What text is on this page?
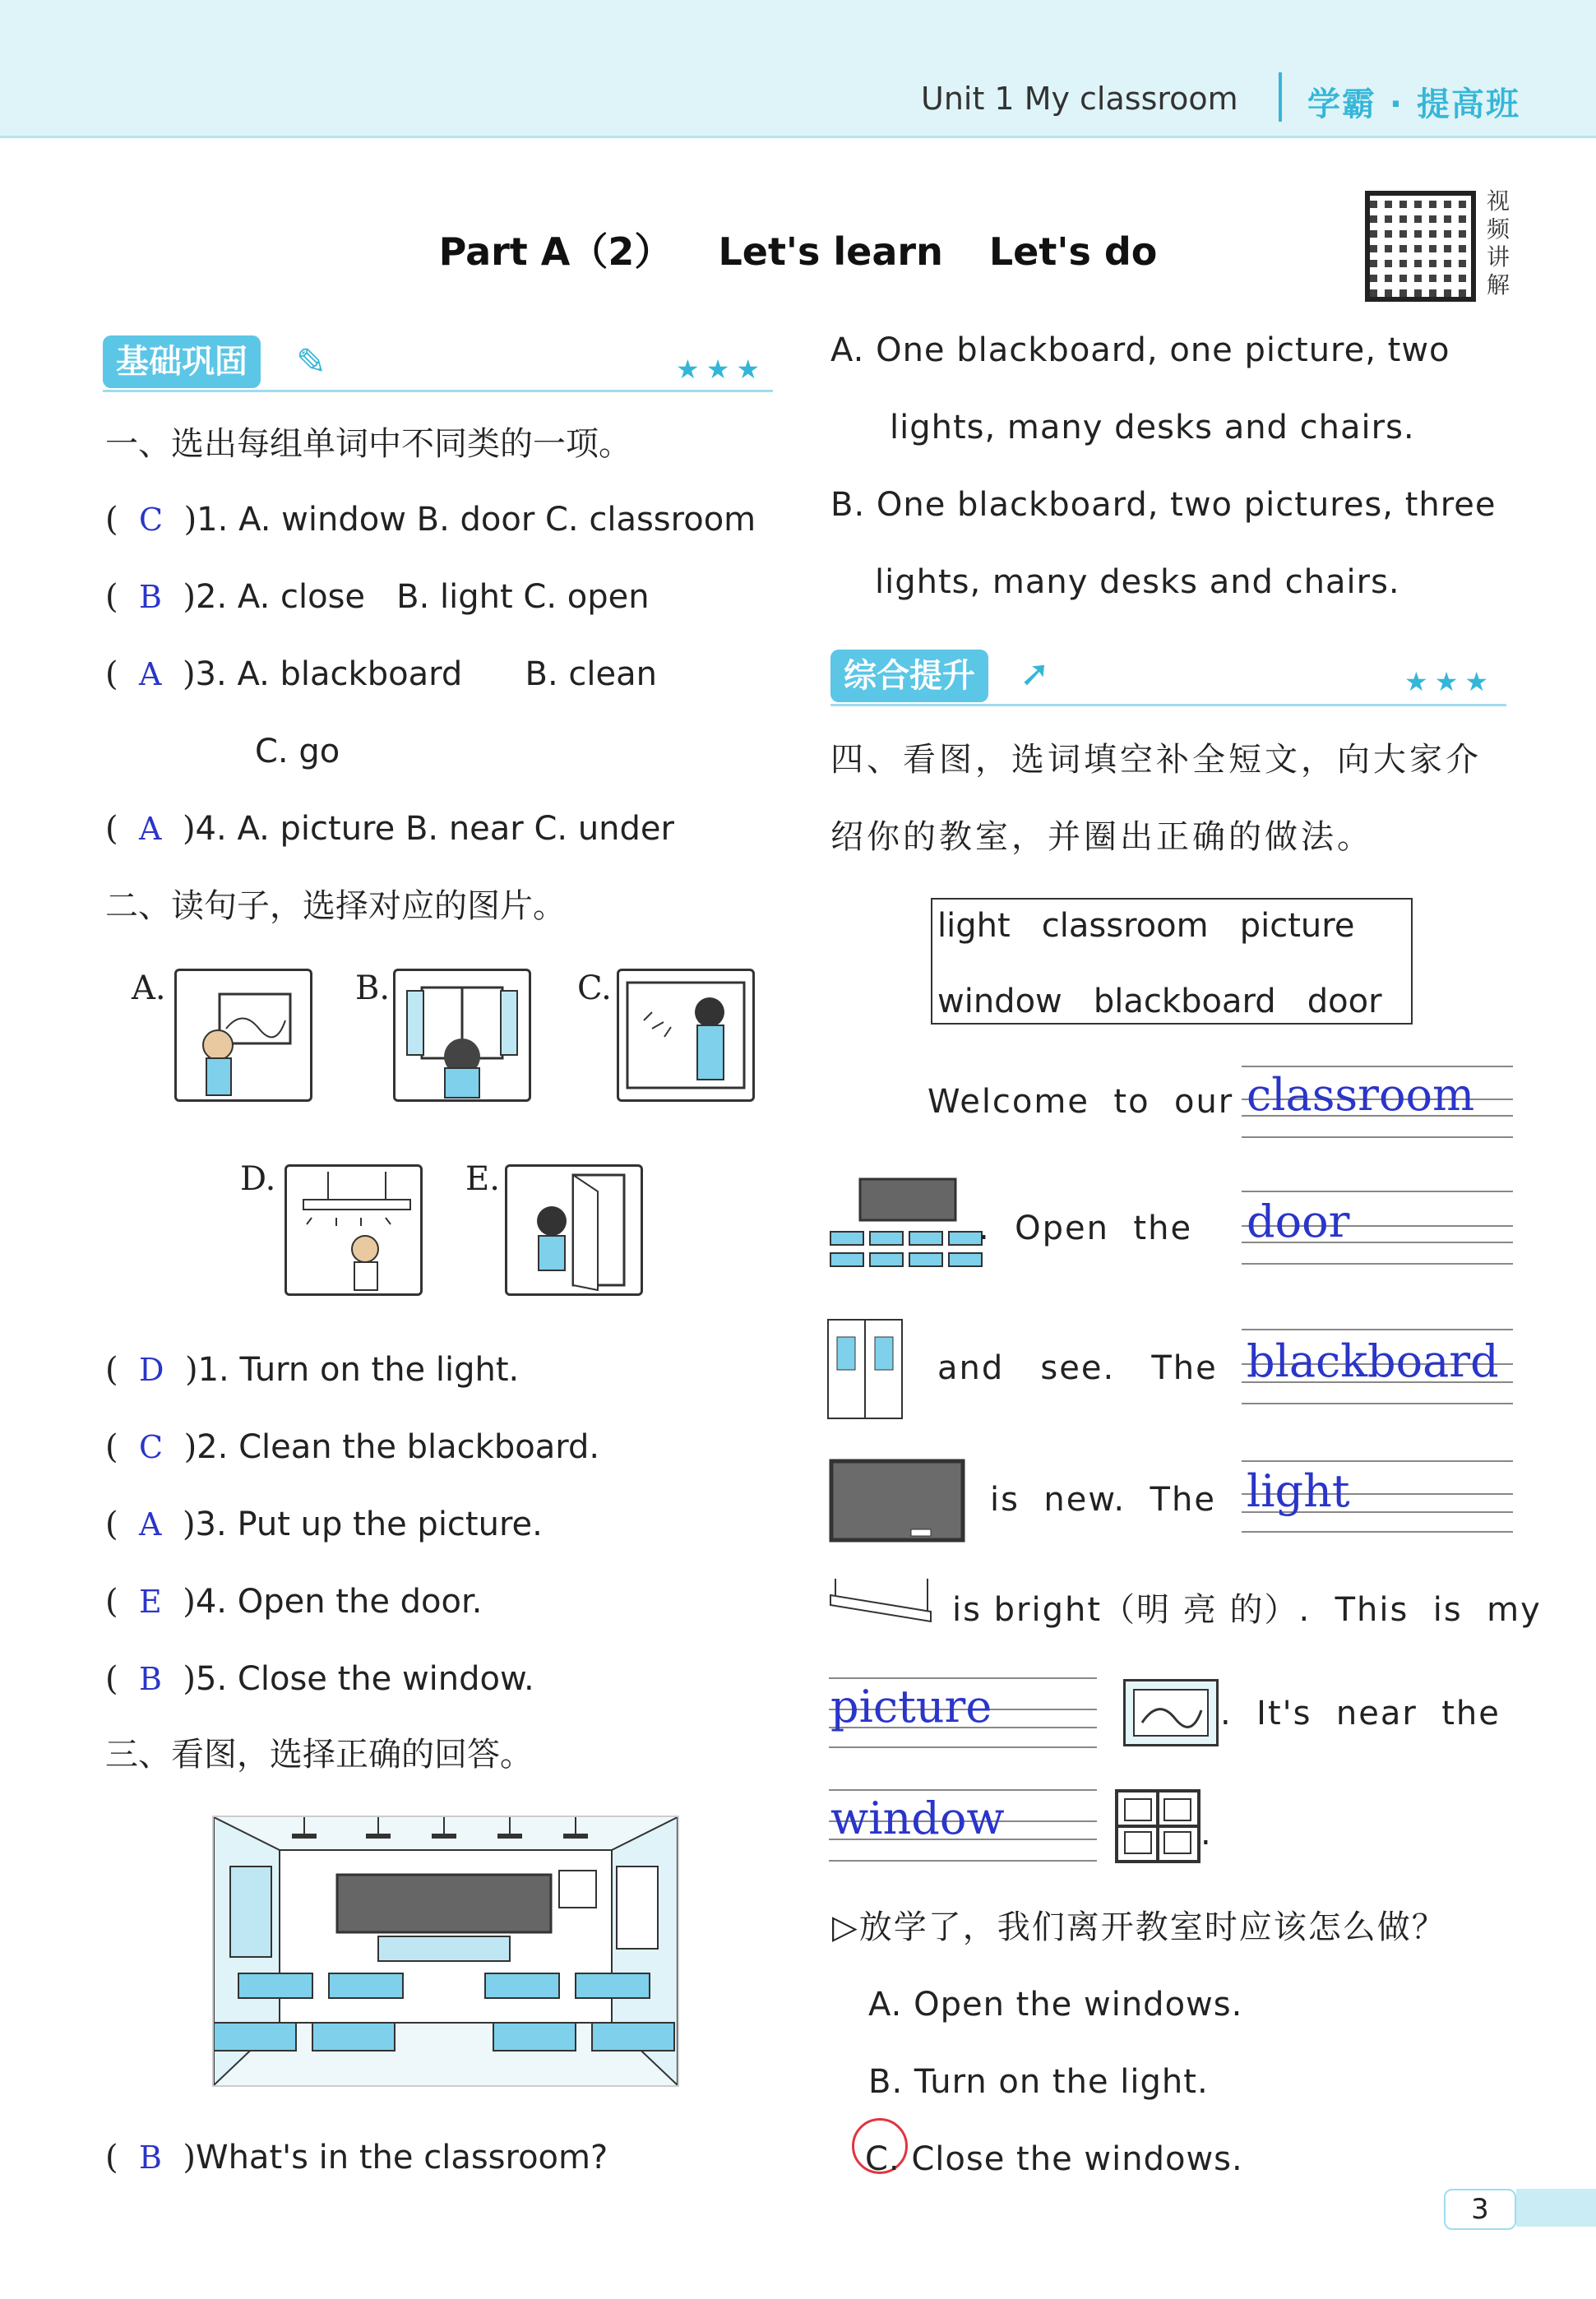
Unit 1 My classroom 学霸 · 提高班
Part A（2） Let's learn Let's do
视频讲解
基础巩固	✎	★★★
一、选出每组单词中不同类的一项。
( C )1. A. window B. door C. classroom
( B )2. A. close   B. light C. open
( A )3. A. blackboard      B. clean
C. go
( A )4. A. picture B. near C. under
二、读句子，选择对应的图片。
A.	B.	C.
D.	E.
( D )1. Turn on the light.
( C )2. Clean the blackboard.
( A )3. Put up the picture.
( E )4. Open the door.
( B )5. Close the window.
三、看图，选择正确的回答。
( B )What's in the classroom?
A. One blackboard, one picture, two
lights, many desks and chairs.
B. One blackboard, two pictures, three
lights, many desks and chairs.
综合提升	➚	★★★
四、看图，选词填空补全短文，向大家介
绍你的教室，并圈出正确的做法。
light   classroom   picture
window   blackboard   door
Welcome  to  our classroom
.  Open  the door
and   see.   The blackboard
is  new.  The light
is bright（明 亮 的）.  This  is  my
picture	.  It's  near  the
window	.
▷放学了，我们离开教室时应该怎么做？
A. Open the windows.
B. Turn on the light.
C. Close the windows.
3
